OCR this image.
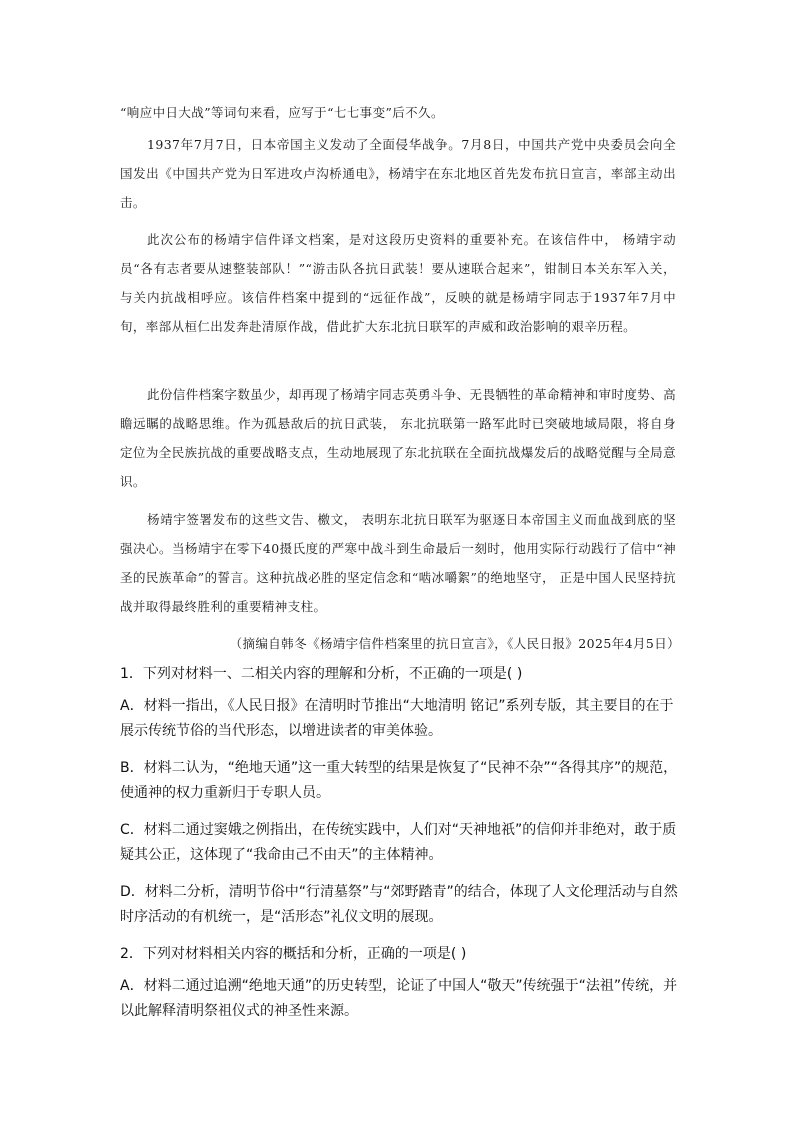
“响应中日大战”等词句来看，应写于“七七事变”后不久。

1937年7月7日，日本帝国主义发动了全面侵华战争。7月8日，中国共产党中央委员会向全国发出《中国共产党为日军进攻卢沟桥通电》，杨靖宇在东北地区首先发布抗日宣言，率部主动出击。

此次公布的杨靖宇信件译文档案，是对这段历史资料的重要补充。在该信件中， 杨靖宇动员“各有志者要从速整装部队！”“游击队各抗日武装！要从速联合起来”，钳制日本关东军入关，与关内抗战相呼应。该信件档案中提到的“远征作战”，反映的就是杨靖宇同志于1937年7月中旬，率部从桓仁出发奔赴清原作战，借此扩大东北抗日联军的声威和政治影响的艰辛历程。

此份信件档案字数虽少，却再现了杨靖宇同志英勇斗争、无畏牺牲的革命精神和审时度势、高瞻远瞩的战略思维。作为孤悬敌后的抗日武装， 东北抗联第一路军此时已突破地域局限，将自身定位为全民族抗战的重要战略支点，生动地展现了东北抗联在全面抗战爆发后的战略觉醒与全局意识。

杨靖宇签署发布的这些文告、檄文， 表明东北抗日联军为驱逐日本帝国主义而血战到底的坚强决心。当杨靖宇在零下40摄氏度的严寒中战斗到生命最后一刻时，他用实际行动践行了信中“神圣的民族革命”的誓言。这种抗战必胜的坚定信念和“啮冰嚼絮”的绝地坚守， 正是中国人民坚持抗战并取得最终胜利的重要精神支柱。

（摘编自韩冬《杨靖宇信件档案里的抗日宣言》，《人民日报》2025年4月5日）

1．下列对材料一、二相关内容的理解和分析，不正确的一项是( )

A．材料一指出，《人民日报》在清明时节推出“大地清明 铭记”系列专版，其主要目的在于展示传统节俗的当代形态，以增进读者的审美体验。

B．材料二认为，“绝地天通”这一重大转型的结果是恢复了“民神不杂”“各得其序”的规范，使通神的权力重新归于专职人员。

C．材料二通过窦娥之例指出，在传统实践中，人们对“天神地祇”的信仰并非绝对，敢于质疑其公正，这体现了“我命由己不由天”的主体精神。

D．材料二分析，清明节俗中“行清墓祭”与“郊野踏青”的结合，体现了人文伦理活动与自然时序活动的有机统一，是“活形态”礼仪文明的展现。

2．下列对材料相关内容的概括和分析，正确的一项是( )

A．材料二通过追溯“绝地天通”的历史转型，论证了中国人“敬天”传统强于“法祖”传统，并以此解释清明祭祖仪式的神圣性来源。
